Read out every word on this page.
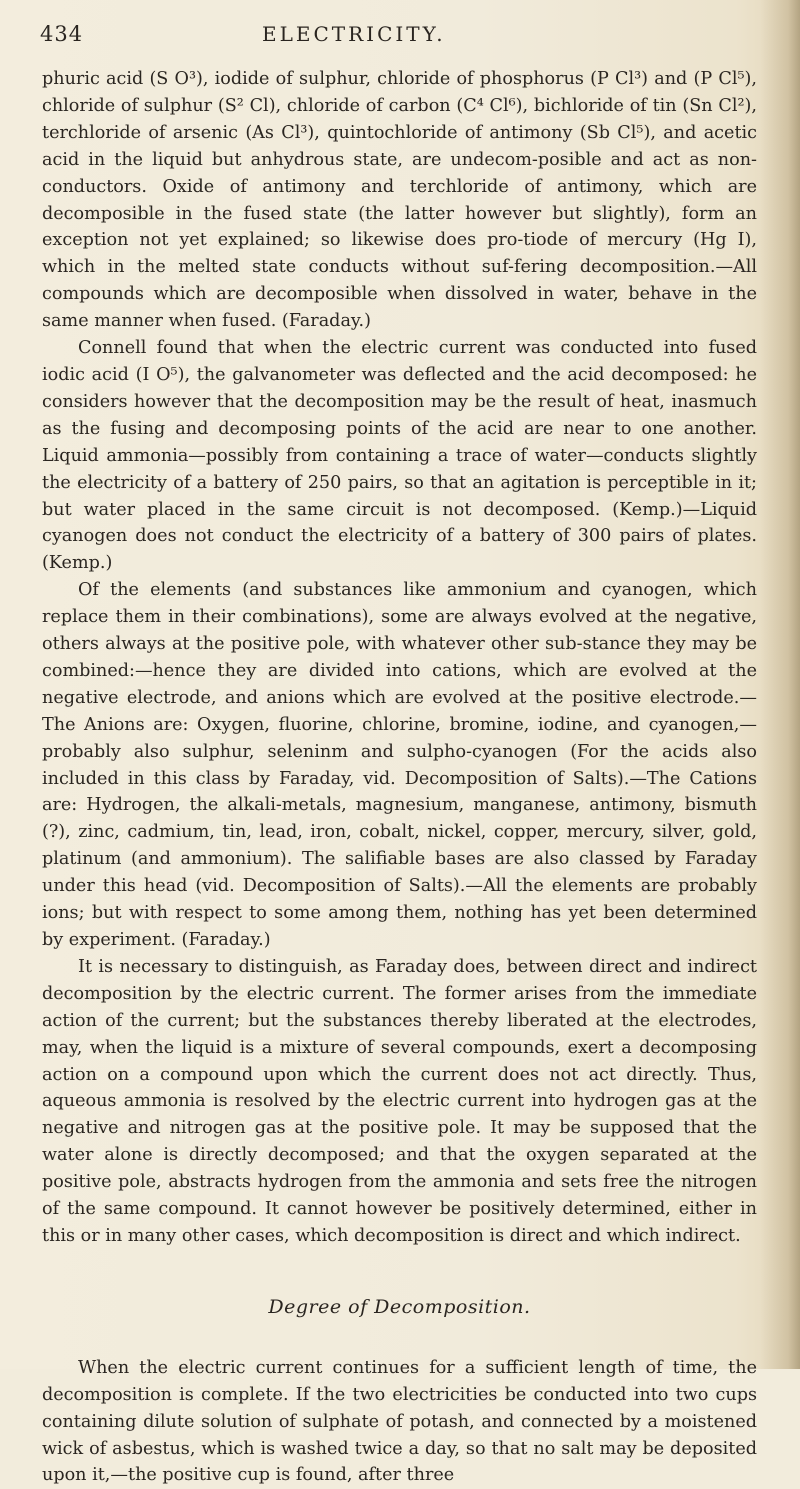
434	ELECTRICITY.

phuric acid (S O³), iodide of sulphur, chloride of phosphorus (P Cl³) and (P Cl⁵), chloride of sulphur (S² Cl), chloride of carbon (C⁴ Cl⁶), bichloride of tin (Sn Cl²), terchloride of arsenic (As Cl³), quintochloride of antimony (Sb Cl⁵), and acetic acid in the liquid but anhydrous state, are undecom-posible and act as non-conductors. Oxide of antimony and terchloride of antimony, which are decomposible in the fused state (the latter however but slightly), form an exception not yet explained; so likewise does pro-tiode of mercury (Hg I), which in the melted state conducts without suf-fering decomposition.—All compounds which are decomposible when dissolved in water, behave in the same manner when fused. (Faraday.)

Connell found that when the electric current was conducted into fused iodic acid (I O⁵), the galvanometer was deflected and the acid decomposed: he considers however that the decomposition may be the result of heat, inasmuch as the fusing and decomposing points of the acid are near to one another. Liquid ammonia—possibly from containing a trace of water—conducts slightly the electricity of a battery of 250 pairs, so that an agitation is perceptible in it; but water placed in the same circuit is not decomposed. (Kemp.)—Liquid cyanogen does not conduct the electricity of a battery of 300 pairs of plates. (Kemp.)

Of the elements (and substances like ammonium and cyanogen, which replace them in their combinations), some are always evolved at the negative, others always at the positive pole, with whatever other sub-stance they may be combined:—hence they are divided into cations, which are evolved at the negative electrode, and anions which are evolved at the positive electrode.—The Anions are: Oxygen, fluorine, chlorine, bromine, iodine, and cyanogen,—probably also sulphur, seleninm and sulpho-cyanogen (For the acids also included in this class by Faraday, vid. Decomposition of Salts).—The Cations are: Hydrogen, the alkali-metals, magnesium, manganese, antimony, bismuth (?), zinc, cadmium, tin, lead, iron, cobalt, nickel, copper, mercury, silver, gold, platinum (and ammonium). The salifiable bases are also classed by Faraday under this head (vid. Decomposition of Salts).—All the elements are probably ions; but with respect to some among them, nothing has yet been determined by experiment. (Faraday.)

It is necessary to distinguish, as Faraday does, between direct and indirect decomposition by the electric current. The former arises from the immediate action of the current; but the substances thereby liberated at the electrodes, may, when the liquid is a mixture of several compounds, exert a decomposing action on a compound upon which the current does not act directly. Thus, aqueous ammonia is resolved by the electric current into hydrogen gas at the negative and nitrogen gas at the positive pole. It may be supposed that the water alone is directly decomposed; and that the oxygen separated at the positive pole, abstracts hydrogen from the ammonia and sets free the nitrogen of the same compound. It cannot however be positively determined, either in this or in many other cases, which decomposition is direct and which indirect.

Degree of Decomposition.

When the electric current continues for a sufficient length of time, the decomposition is complete. If the two electricities be conducted into two cups containing dilute solution of sulphate of potash, and connected by a moistened wick of asbestus, which is washed twice a day, so that no salt may be deposited upon it,—the positive cup is found, after three
